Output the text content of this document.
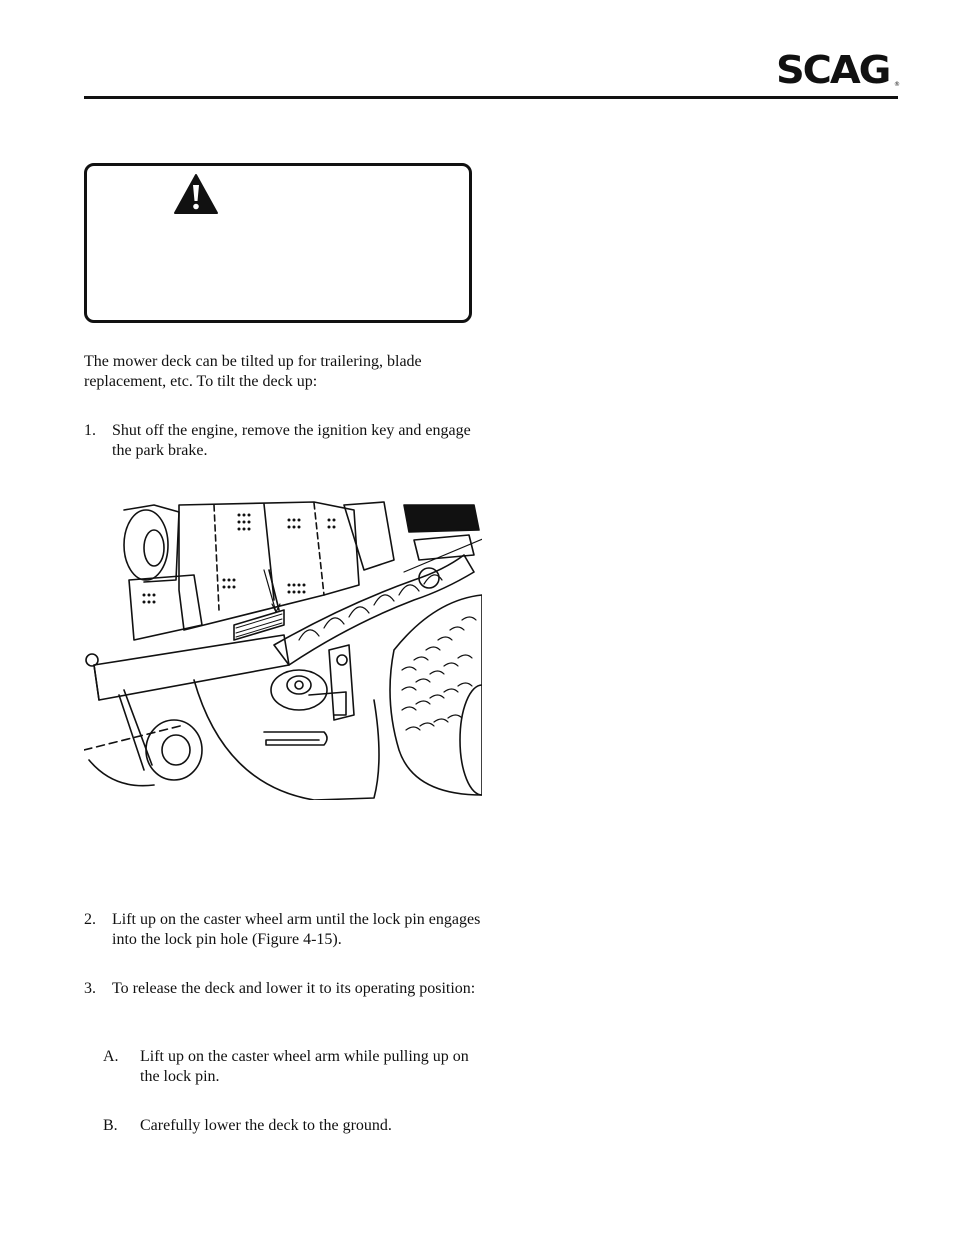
SCAG ®

The mower deck can be tilted up for trailering, blade replacement, etc. To tilt the deck up:

1. Shut off the engine, remove the ignition key and engage the park brake.
2. Lift up on the caster wheel arm until the lock pin engages into the lock pin hole (Figure 4-15).
3. To release the deck and lower it to its operating position:
A. Lift up on the caster wheel arm while pulling up on the lock pin.
B. Carefully lower the deck to the ground.
